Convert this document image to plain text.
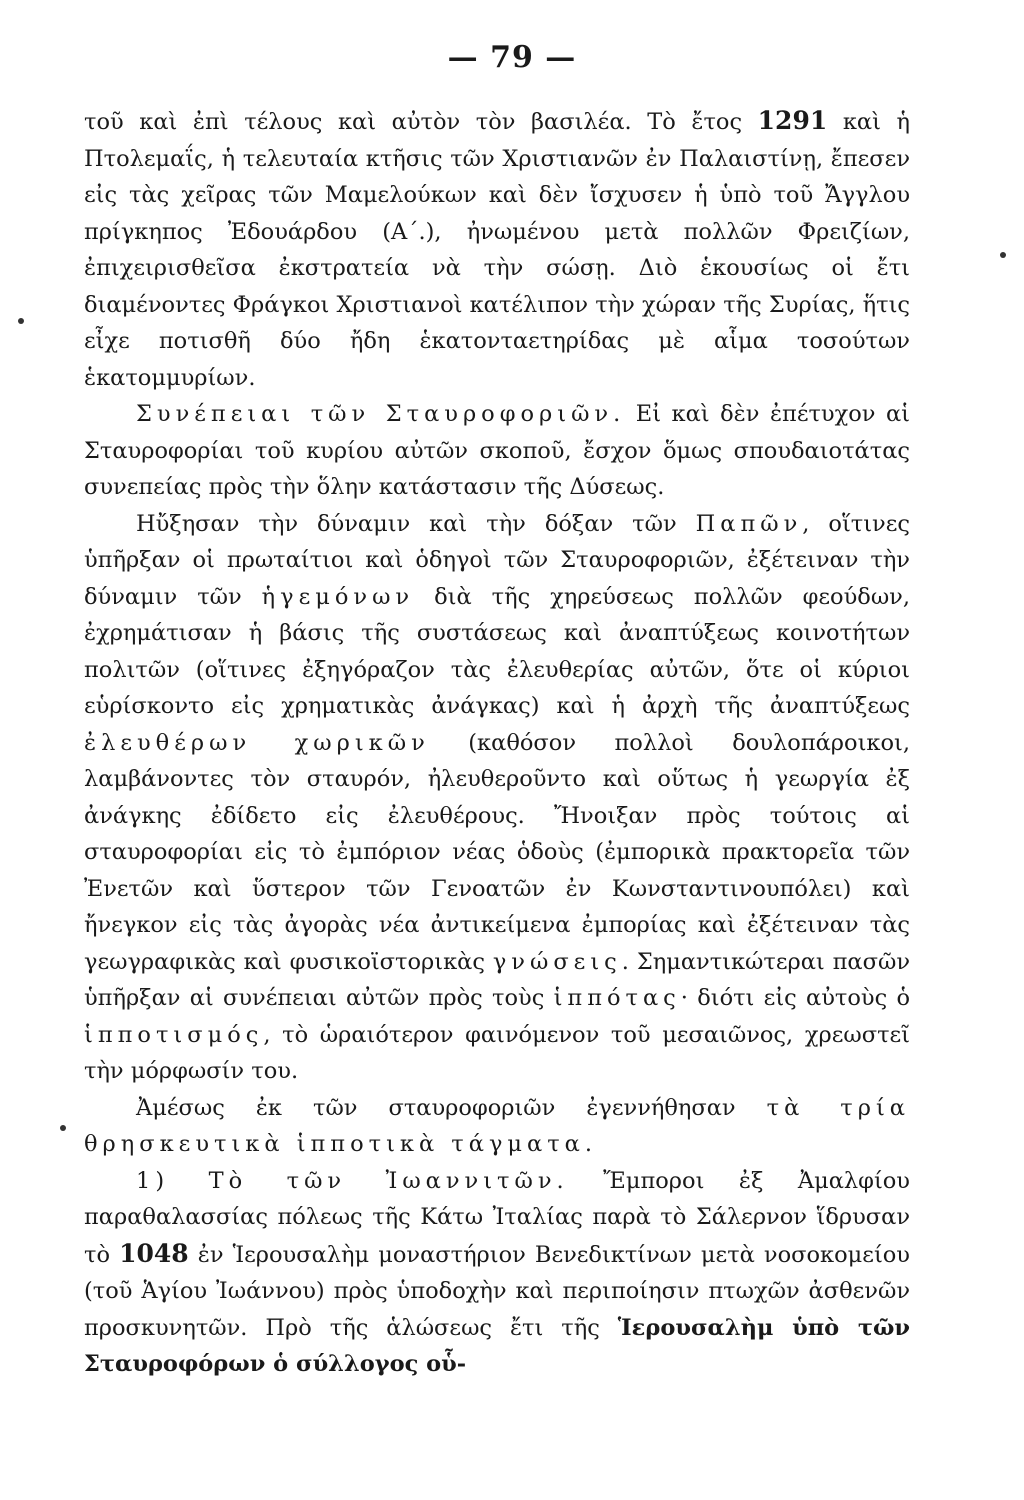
— 79 —

τοῦ καὶ ἐπὶ τέλους καὶ αὐτὸν τὸν βασιλέα. Τὸ ἔτος 1291 καὶ ἡ Πτολεμαΐς, ἡ τελευταία κτῆσις τῶν Χριστιανῶν ἐν Παλαιστίνῃ, ἔπεσεν εἰς τὰς χεῖρας τῶν Μαμελούκων καὶ δὲν ἴσχυσεν ἡ ὑπὸ τοῦ Ἄγγλου πρίγκηπος Ἐδουάρδου (Α΄.), ἠνωμένου μετὰ πολλῶν Φρειζίων, ἐπιχειρισθεῖσα ἐκστρατεία νὰ τὴν σώσῃ. Διὸ ἑκουσίως οἱ ἔτι διαμένοντες Φράγκοι Χριστιανοὶ κατέλιπον τὴν χώραν τῆς Συρίας, ἥτις εἶχε ποτισθῆ δύο ἤδη ἑκατονταετηρίδας μὲ αἷμα τοσούτων ἑκατομμυρίων.

Συνέπειαι τῶν Σταυροφοριῶν. Εἰ καὶ δὲν ἐπέτυχον αἱ Σταυροφορίαι τοῦ κυρίου αὐτῶν σκοποῦ, ἔσχον ὅμως σπουδαιοτάτας συνεπείας πρὸς τὴν ὅλην κατάστασιν τῆς Δύσεως.

Ηὔξησαν τὴν δύναμιν καὶ τὴν δόξαν τῶν Παπῶν, οἵτινες ὑπῆρξαν οἱ πρωταίτιοι καὶ ὁδηγοὶ τῶν Σταυροφοριῶν, ἐξέτειναν τὴν δύναμιν τῶν ἡγεμόνων διὰ τῆς χηρεύσεως πολλῶν φεούδων, ἐχρημάτισαν ἡ βάσις τῆς συστάσεως καὶ ἀναπτύξεως κοινοτήτων πολιτῶν (οἵτινες ἐξηγόραζον τὰς ἐλευθερίας αὐτῶν, ὅτε οἱ κύριοι εὑρίσκοντο εἰς χρηματικὰς ἀνάγκας) καὶ ἡ ἀρχὴ τῆς ἀναπτύξεως ἐλευθέρων χωρικῶν (καθόσον πολλοὶ δουλοπάροικοι, λαμβάνοντες τὸν σταυρόν, ἠλευθεροῦντο καὶ οὕτως ἡ γεωργία ἐξ ἀνάγκης ἐδίδετο εἰς ἐλευθέρους. Ἤνοιξαν πρὸς τούτοις αἱ σταυροφορίαι εἰς τὸ ἐμπόριον νέας ὁδοὺς (ἐμπορικὰ πρακτορεῖα τῶν Ἐνετῶν καὶ ὕστερον τῶν Γενοατῶν ἐν Κωνσταντινουπόλει) καὶ ἤνεγκον εἰς τὰς ἀγορὰς νέα ἀντικείμενα ἐμπορίας καὶ ἐξέτειναν τὰς γεωγραφικὰς καὶ φυσικοϊστορικὰς γνώσεις. Σημαντικώτεραι πασῶν ὑπῆρξαν αἱ συνέπειαι αὐτῶν πρὸς τοὺς ἱππότας· διότι εἰς αὐτοὺς ὁ ἱπποτισμός, τὸ ὡραιότερον φαινόμενον τοῦ μεσαιῶνος, χρεωστεῖ τὴν μόρφωσίν του.

Ἀμέσως ἐκ τῶν σταυροφοριῶν ἐγεννήθησαν τὰ τρία θρησκευτικὰ ἱπποτικὰ τάγματα.

1) Τὸ τῶν Ἰωαννιτῶν. Ἔμποροι ἐξ Ἀμαλφίου παραθαλασσίας πόλεως τῆς Κάτω Ἰταλίας παρὰ τὸ Σάλερνον ἵδρυσαν τὸ 1048 ἐν Ἱερουσαλὴμ μοναστήριον Βενεδικτίνων μετὰ νοσοκομείου (τοῦ Ἁγίου Ἰωάννου) πρὸς ὑποδοχὴν καὶ περιποίησιν πτωχῶν ἀσθενῶν προσκυνητῶν. Πρὸ τῆς ἁλώσεως ἔτι τῆς Ἱερουσαλὴμ ὑπὸ τῶν Σταυροφόρων ὁ σύλλογος οὗ-
